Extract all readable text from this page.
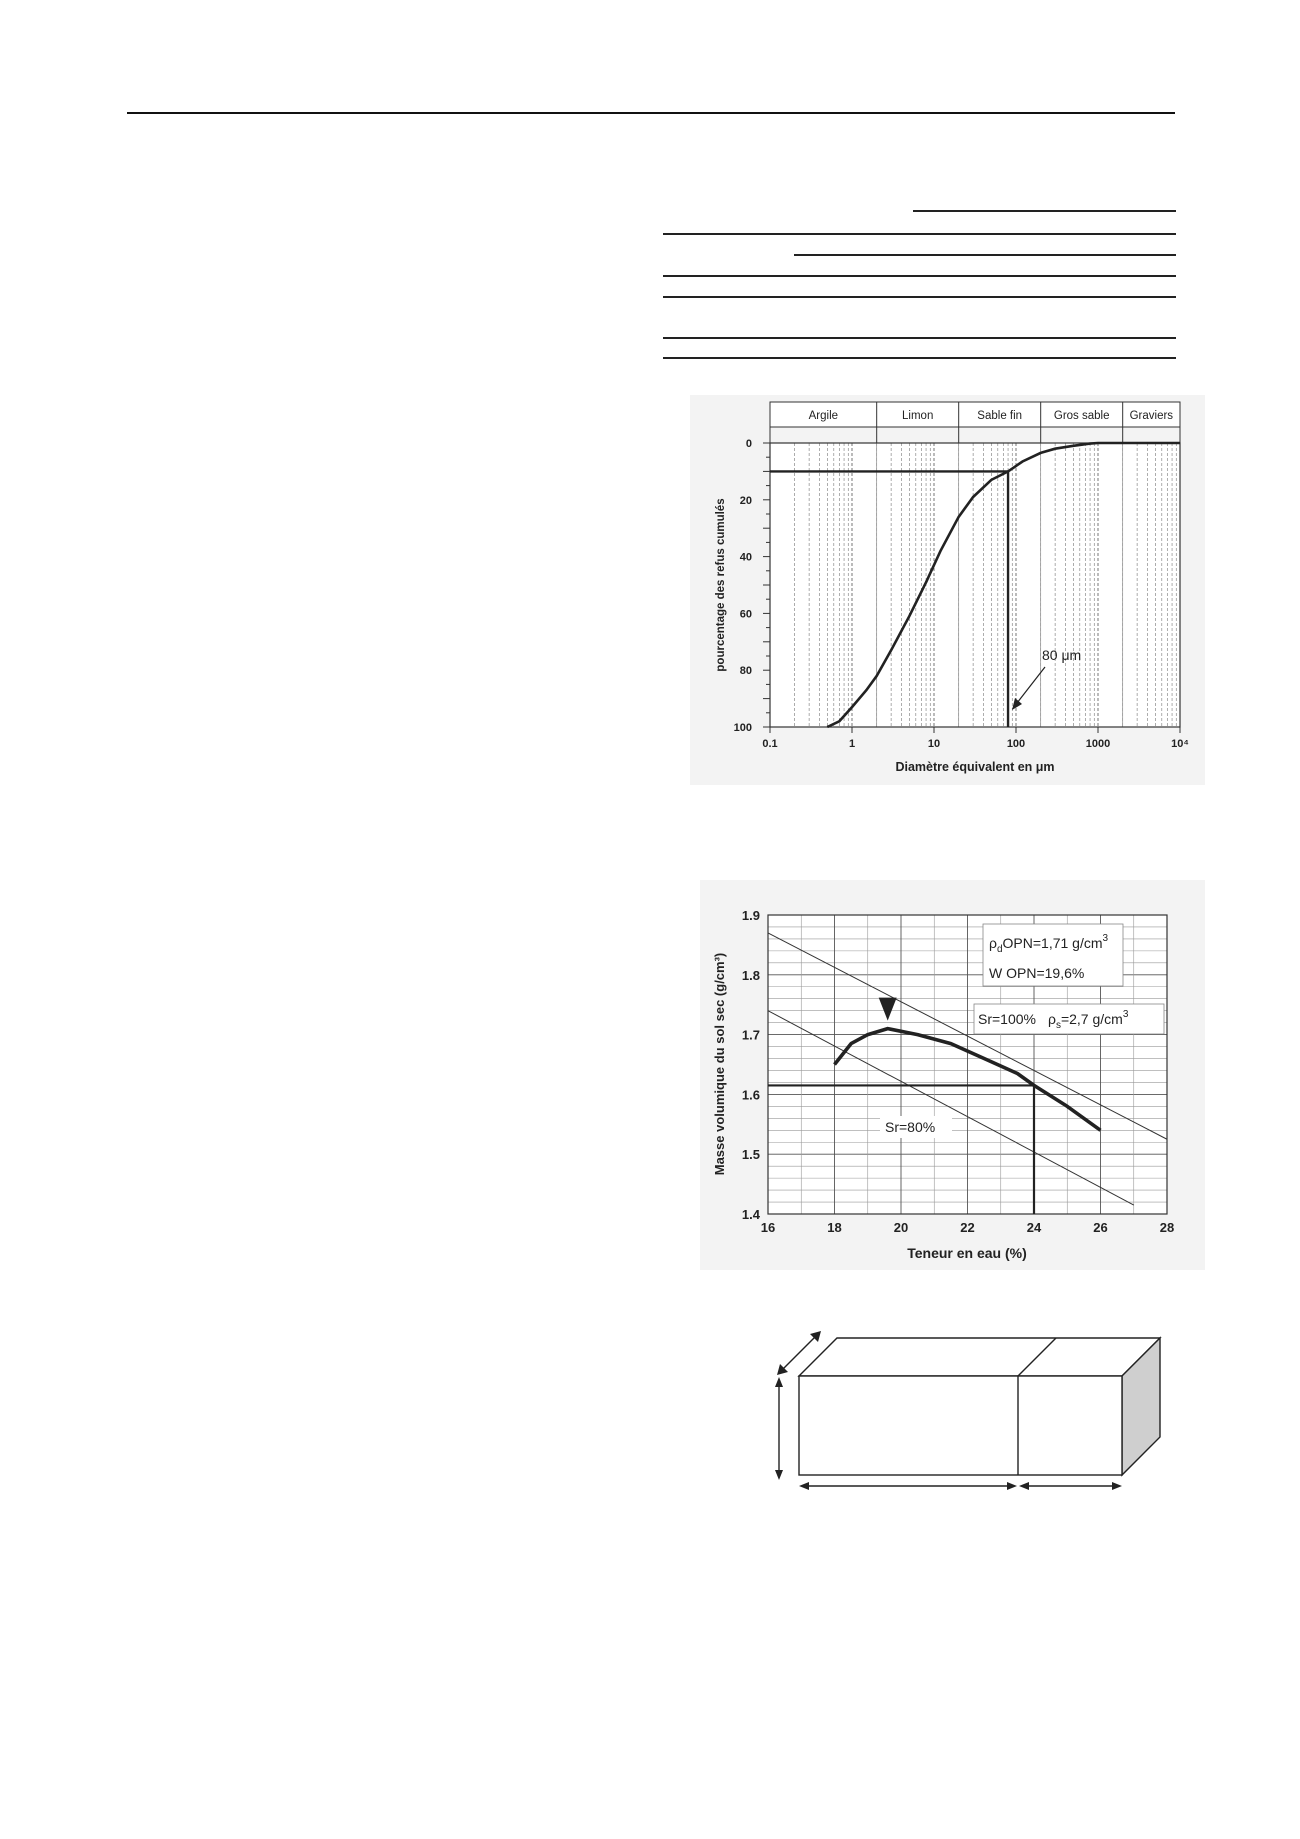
Argile	Limon	Sable fin	Gros sable Graviers
0
20
40
60
80
100
0.1	1	10	100	1000	10⁴
Diamètre équivalent en μm
pourcentage des refus cumulés	80 μm
1.4
1.5
1.6
1.7
1.8
1.9
16	18	20	22	24	26	28
Teneur en eau (%)
Masse volumique du sol sec (g/cm³)	Sr=80%
$\rho_dOPN=1,71$ $g/cm^3$
W OPN=19,6%
Sr=100% $\rho_s=2,7$ $g/cm^3$
